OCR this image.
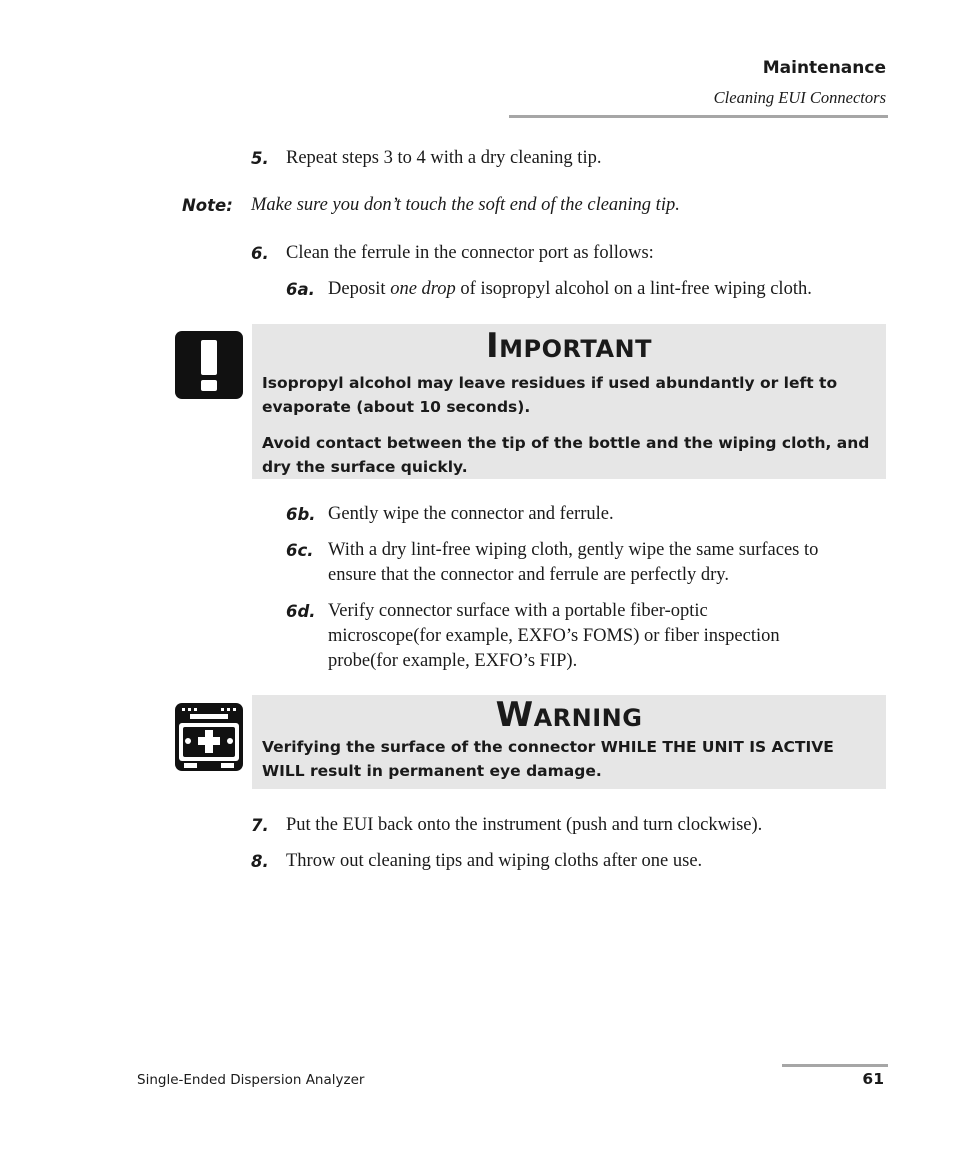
Maintenance
Cleaning EUI Connectors
5. Repeat steps 3 to 4 with a dry cleaning tip.
Note: Make sure you don’t touch the soft end of the cleaning tip.
6. Clean the ferrule in the connector port as follows:
6a. Deposit one drop of isopropyl alcohol on a lint-free wiping cloth.
IMPORTANT

Isopropyl alcohol may leave residues if used abundantly or left to evaporate (about 10 seconds).

Avoid contact between the tip of the bottle and the wiping cloth, and dry the surface quickly.

6b. Gently wipe the connector and ferrule.
6c. With a dry lint-free wiping cloth, gently wipe the same surfaces to
ensure that the connector and ferrule are perfectly dry.
6d. Verify connector surface with a portable fiber-optic
microscope(for example, EXFO’s FOMS) or fiber inspection
probe(for example, EXFO’s FIP).
WARNING

Verifying the surface of the connector WHILE THE UNIT IS ACTIVE WILL result in permanent eye damage.

7. Put the EUI back onto the instrument (push and turn clockwise).
8. Throw out cleaning tips and wiping cloths after one use.
Single-Ended Dispersion Analyzer	61
